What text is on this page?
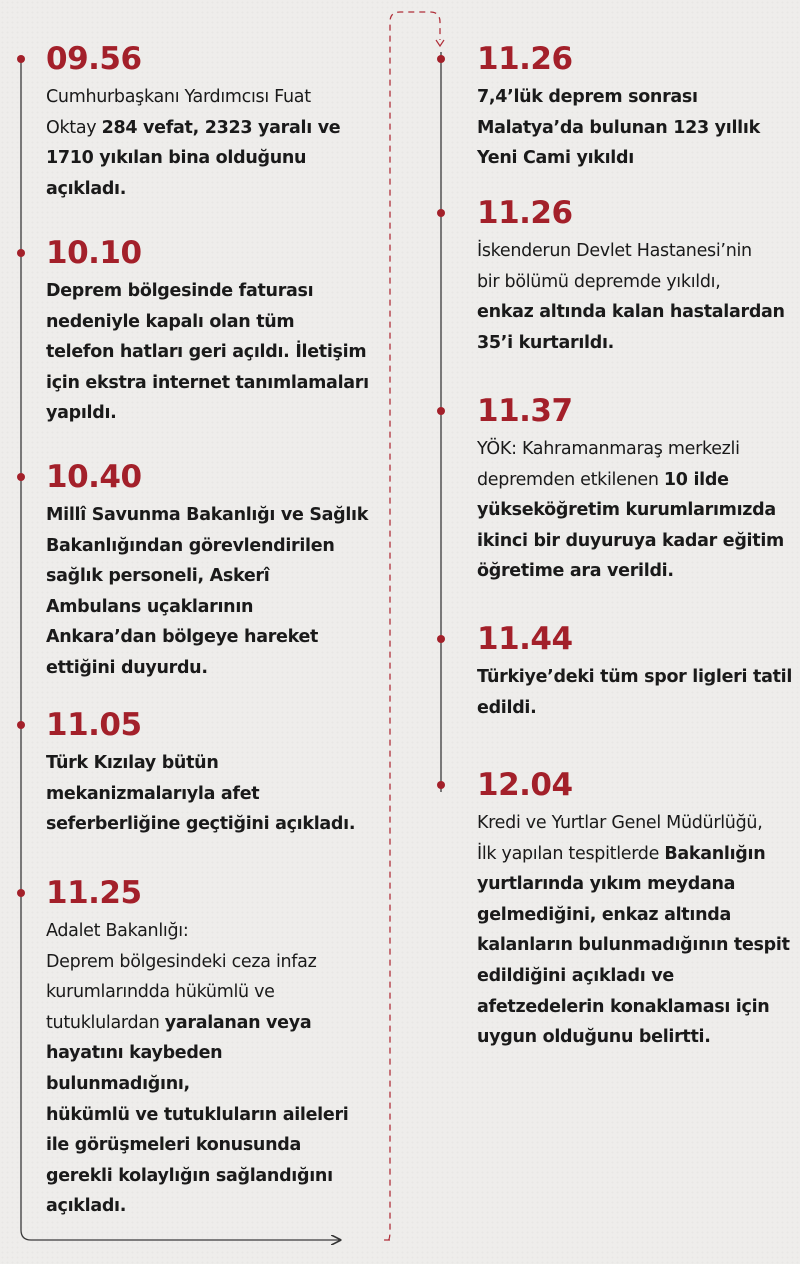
09.56
Cumhurbaşkanı Yardımcısı Fuat
Oktay 284 vefat, 2323 yaralı ve
1710 yıkılan bina olduğunu
açıkladı.
10.10
Deprem bölgesinde faturası
nedeniyle kapalı olan tüm
telefon hatları geri açıldı. İletişim
için ekstra internet tanımlamaları
yapıldı.
10.40
Millî Savunma Bakanlığı ve Sağlık
Bakanlığından görevlendirilen
sağlık personeli, Askerî
Ambulans uçaklarının
Ankara’dan bölgeye hareket
ettiğini duyurdu.
11.05
Türk Kızılay bütün
mekanizmalarıyla afet
seferberliğine geçtiğini açıkladı.
11.25
Adalet Bakanlığı:
Deprem bölgesindeki ceza infaz
kurumlarındda hükümlü ve
tutuklulardan yaralanan veya
hayatını kaybeden
bulunmadığını,
hükümlü ve tutukluların aileleri
ile görüşmeleri konusunda
gerekli kolaylığın sağlandığını
açıkladı.
11.26
7,4’lük deprem sonrası
Malatya’da bulunan 123 yıllık
Yeni Cami yıkıldı
11.26
İskenderun Devlet Hastanesi’nin
bir bölümü depremde yıkıldı,
enkaz altında kalan hastalardan
35’i kurtarıldı.
11.37
YÖK: Kahramanmaraş merkezli
depremden etkilenen 10 ilde
yükseköğretim kurumlarımızda
ikinci bir duyuruya kadar eğitim
öğretime ara verildi.
11.44
Türkiye’deki tüm spor ligleri tatil
edildi.
12.04
Kredi ve Yurtlar Genel Müdürlüğü,
İlk yapılan tespitlerde Bakanlığın
yurtlarında yıkım meydana
gelmediğini, enkaz altında
kalanların bulunmadığının tespit
edildiğini açıkladı ve
afetzedelerin konaklaması için
uygun olduğunu belirtti.
